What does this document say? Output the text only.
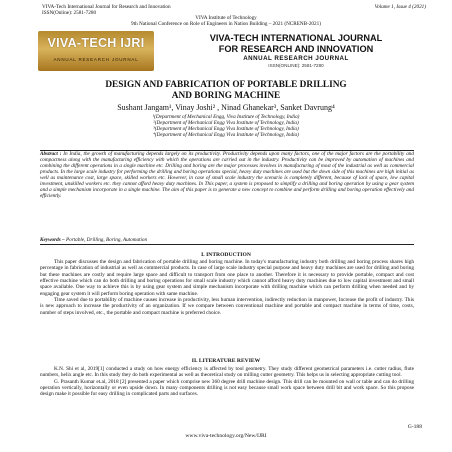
VIVA-Tech International Journal for Research and Innovation
ISSN(Online): 2581-7280
Volume 1, Issue 4 (2021)
VIVA Institute of Technology
9th National Conference on Role of Engineers in Nation Building – 2021 (NCRENB-2021)
VIVA-TECH IJRI
ANNUAL RESEARCH JOURNAL
VIVA-TECH INTERNATIONAL JOURNAL
FOR RESEARCH AND INNOVATION
ANNUAL RESEARCH JOURNAL
ISSN(ONLINE): 2581-7280
DESIGN AND FABRICATION OF PORTABLE DRILLING
AND BORING MACHINE
Sushant Jangam¹, Vinay Joshi² , Ninad Ghanekar³, Sanket Davrung⁴
¹(Department of Mechanical Engg, Viva Institute of Technology, India)
²(Department of Mechanical Engg Viva Institute of Technology, India)
³(Department of Mechanical Engg Viva Institute of Technology, India)
⁴(Department of Mechanical Engg Viva Institute of Technology, India)
Abstract : In India, the growth of manufacturing depends largely on its productivity. Productivity depends upon many factors, one of the major factors are the portability and compactness along with the manufacturing efficiency with which the operations are carried out in the industry. Productivity can be improved by automation of machines and combining the different operations in a single machine etc. Drilling and boring are the major processes involves in manufacturing of most of the industrial as well as commercial products. In the large scale industry for performing the drilling and boring operations special, heavy duty machines are used but the down side of this machines are high initial as well as maintenance cost, large space, skilled workers etc. However, in case of small scale industry the scenario is completely different, because of lack of space, low capital investment, unskilled workers etc. they cannot afford heavy duty machines. In This paper, a system is proposed to simplify a drilling and boring operation by using a gear system and a simple mechanism incorporate in a single machine. The aim of this paper is to generate a new concept to combine and perform drilling and boring operation effectively and efficiently.
Keywords – Portable, Drilling, Boring, Automation
I. INTRODUCTION
This paper discusses the design and fabrication of portable drilling and boring machine. In today's manufacturing industry both drilling and boring process shares high percentage in fabrication of industrial as well as commercial products. In case of large scale industry special purpose and heavy duty machines are used for drilling and boring but these machines are costly and require large space and difficult to transport from one place to another. Therefore it is necessary to provide portable, compact and cost effective machine which can do both drilling and boring operations for small scale industry which cannot afford heavy duty machines due to low capital investment and small space available. One way to achieve this is by using gear system and simple mechanism incorporate with drilling machine which can perform drilling when needed and by engaging gear system it will perform boring operation with same machine.
Time saved due to portability of machine causes increase in productivity, less human intervention, indirectly reduction in manpower, Increase the profit of industry. This is new approach to increase the productivity of an organization. If we compare between conventional machine and portable and compact machine in terms of time, costs, number of steps involved, etc., the portable and compact machine is preferred choice.
II. LITERATURE REVIEW
K.N. Shi et al, 2019[1] conducted a study on how energy efficiency is affected by tool geometry. They study different geometrical parameters i.e. cutter radius, flute numbers, helix angle etc. In this study they do both experimental as well as theoretical study on milling cutter geometry. This helps us in selecting appropriate cutting tool.
G. Prasanth Kumar et.al, 2018 [2] presented a paper which comprise new 360 degree drill machine design. This drill can be mounted on wall or table and can do drilling operation vertically, horizontally or even upside down. In many components drilling is not easy because small work space between drill bit and work space. So this propose design make it possible for easy drilling in complicated parts and surfaces.
G-188
www.viva-technology.org/New/IJRI
